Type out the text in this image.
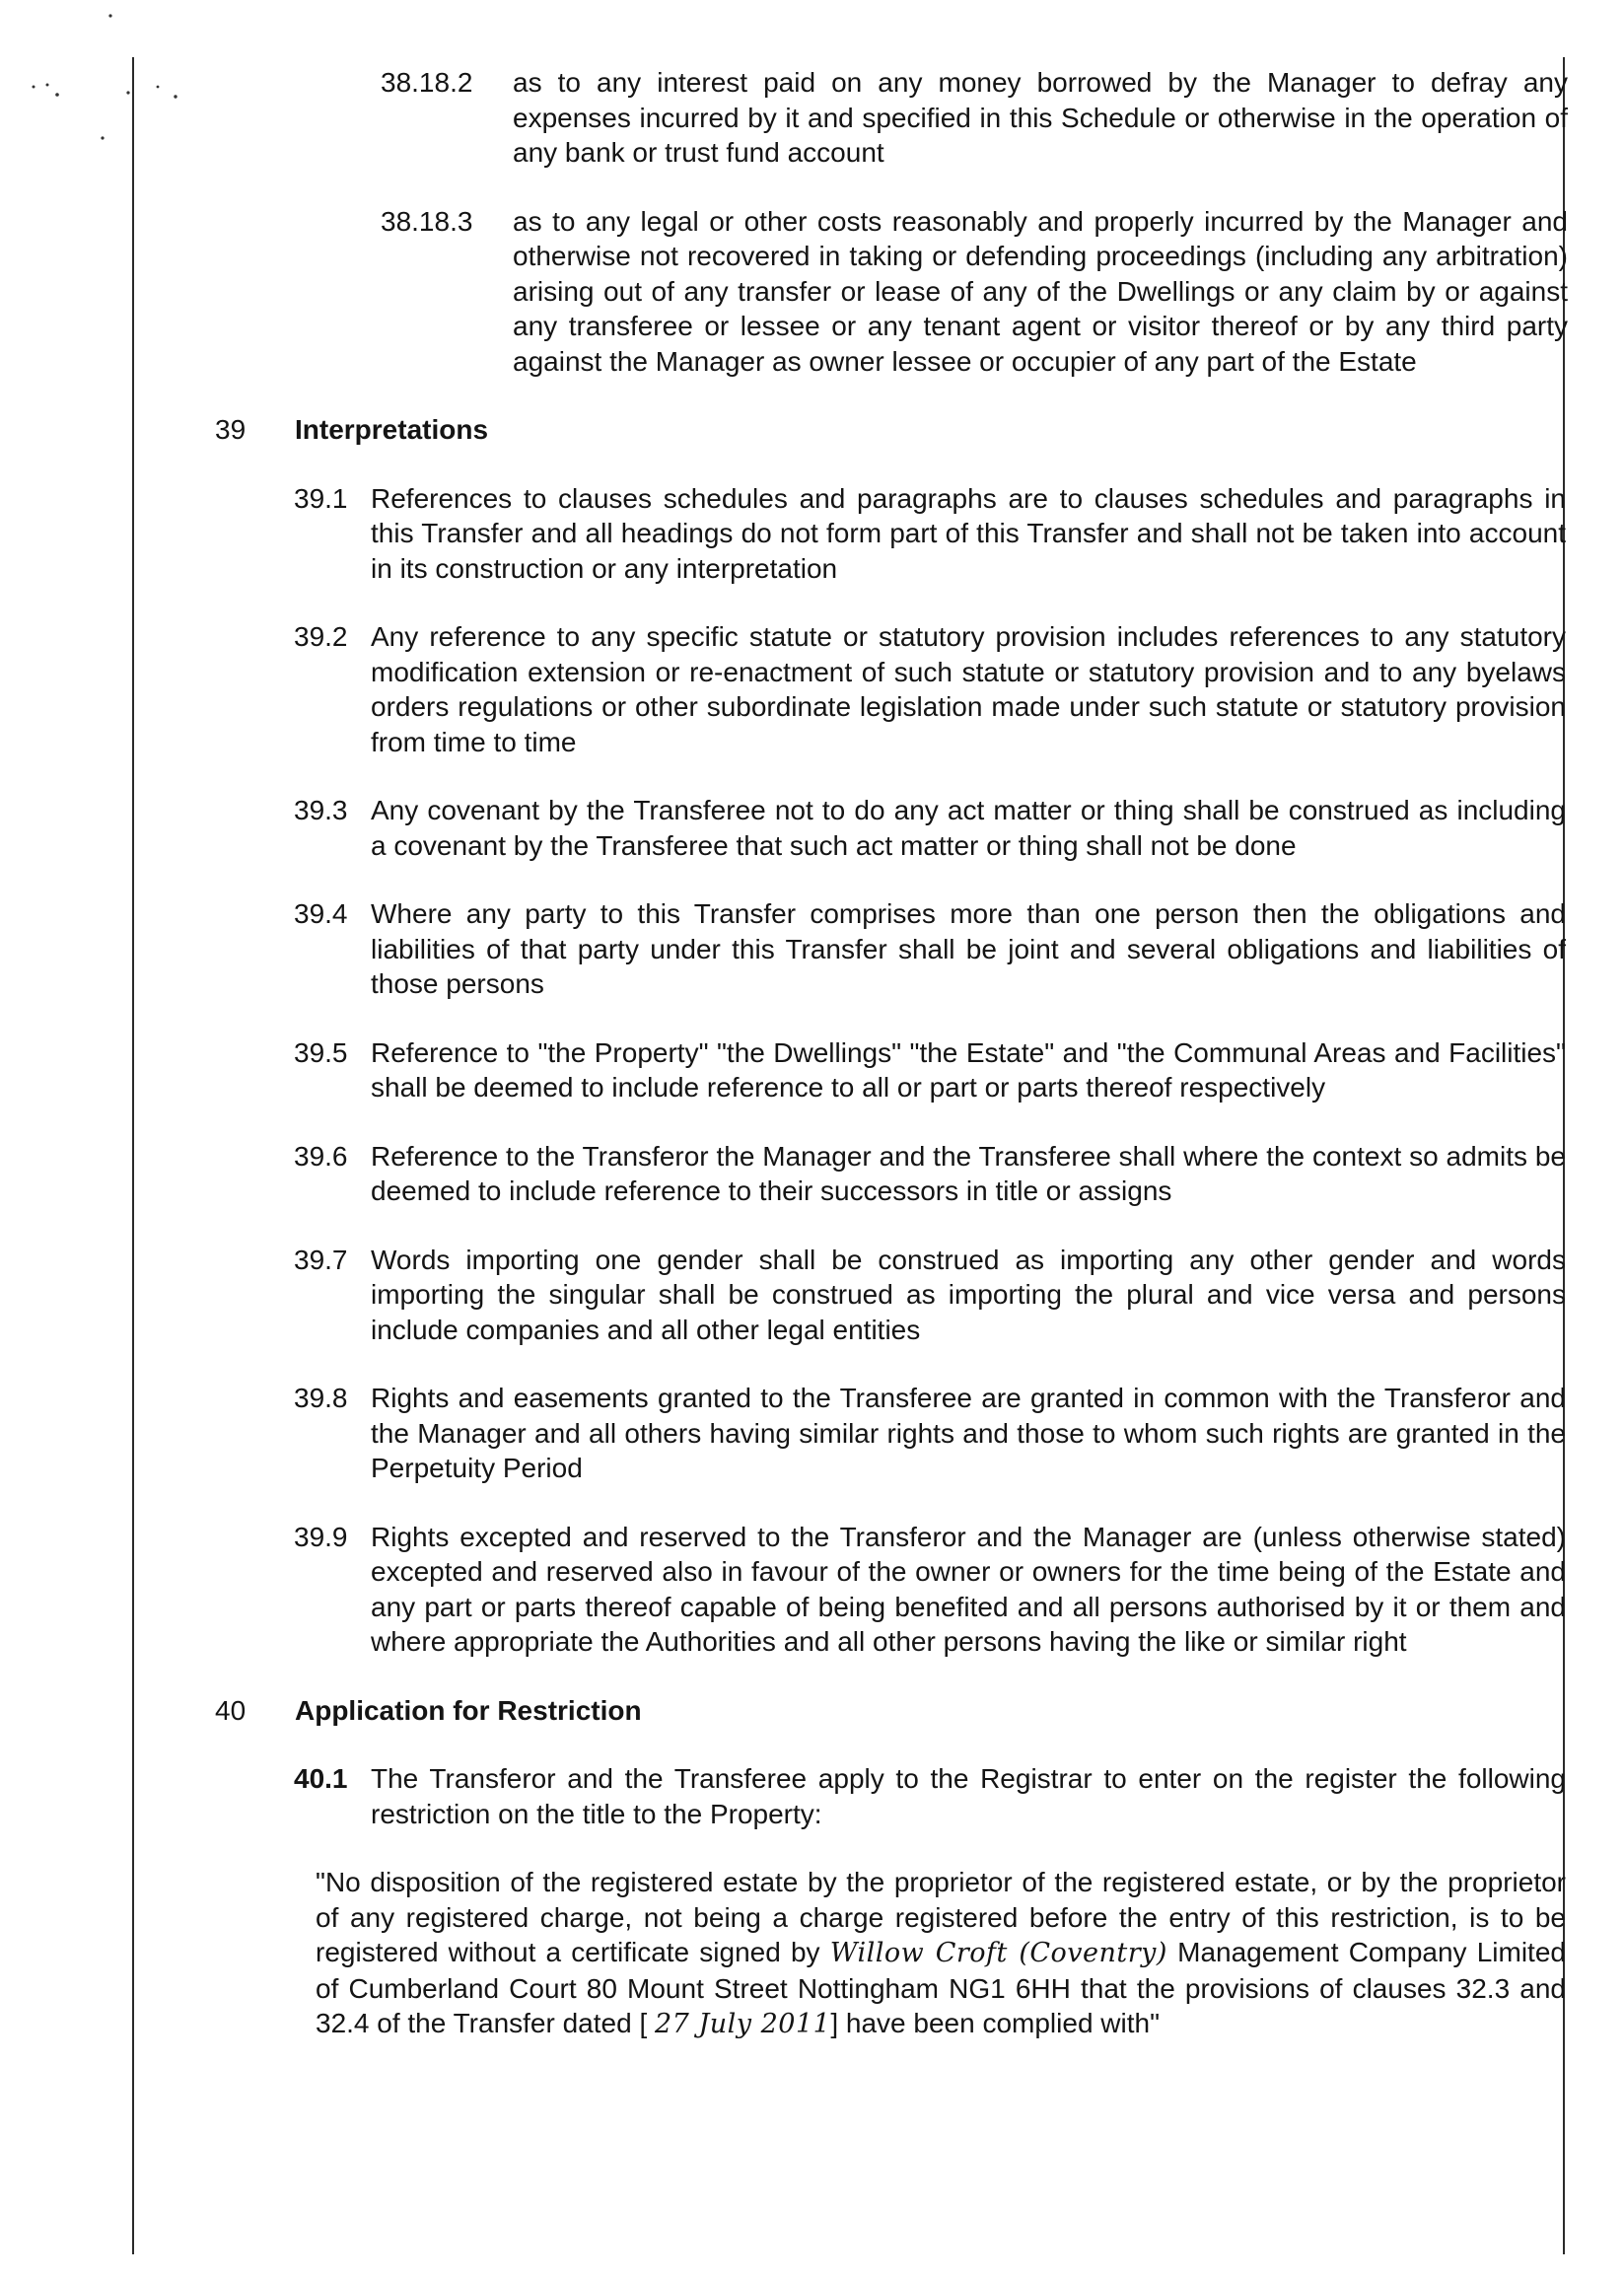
38.18.2	as to any interest paid on any money borrowed by the Manager to defray any expenses incurred by it and specified in this Schedule or otherwise in the operation of any bank or trust fund account
38.18.3	as to any legal or other costs reasonably and properly incurred by the Manager and otherwise not recovered in taking or defending proceedings (including any arbitration) arising out of any transfer or lease of any of the Dwellings or any claim by or against any transferee or lessee or any tenant agent or visitor thereof or by any third party against the Manager as owner lessee or occupier of any part of the Estate
39	Interpretations
39.1 References to clauses schedules and paragraphs are to clauses schedules and paragraphs in this Transfer and all headings do not form part of this Transfer and shall not be taken into account in its construction or any interpretation
39.2 Any reference to any specific statute or statutory provision includes references to any statutory modification extension or re-enactment of such statute or statutory provision and to any byelaws orders regulations or other subordinate legislation made under such statute or statutory provision from time to time
39.3 Any covenant by the Transferee not to do any act matter or thing shall be construed as including a covenant by the Transferee that such act matter or thing shall not be done
39.4 Where any party to this Transfer comprises more than one person then the obligations and liabilities of that party under this Transfer shall be joint and several obligations and liabilities of those persons
39.5 Reference to "the Property" "the Dwellings" "the Estate" and "the Communal Areas and Facilities" shall be deemed to include reference to all or part or parts thereof respectively
39.6 Reference to the Transferor the Manager and the Transferee shall where the context so admits be deemed to include reference to their successors in title or assigns
39.7 Words importing one gender shall be construed as importing any other gender and words importing the singular shall be construed as importing the plural and vice versa and persons include companies and all other legal entities
39.8 Rights and easements granted to the Transferee are granted in common with the Transferor and the Manager and all others having similar rights and those to whom such rights are granted in the Perpetuity Period
39.9 Rights excepted and reserved to the Transferor and the Manager are (unless otherwise stated) excepted and reserved also in favour of the owner or owners for the time being of the Estate and any part or parts thereof capable of being benefited and all persons authorised by it or them and where appropriate the Authorities and all other persons having the like or similar right
40	Application for Restriction
40.1 The Transferor and the Transferee apply to the Registrar to enter on the register the following restriction on the title to the Property:
"No disposition of the registered estate by the proprietor of the registered estate, or by the proprietor of any registered charge, not being a charge registered before the entry of this restriction, is to be registered without a certificate signed by Willow Croft (Coventry) Management Company Limited of Cumberland Court 80 Mount Street Nottingham NG1 6HH that the provisions of clauses 32.3 and 32.4 of the Transfer dated [ 27 July 2011] have been complied with"
